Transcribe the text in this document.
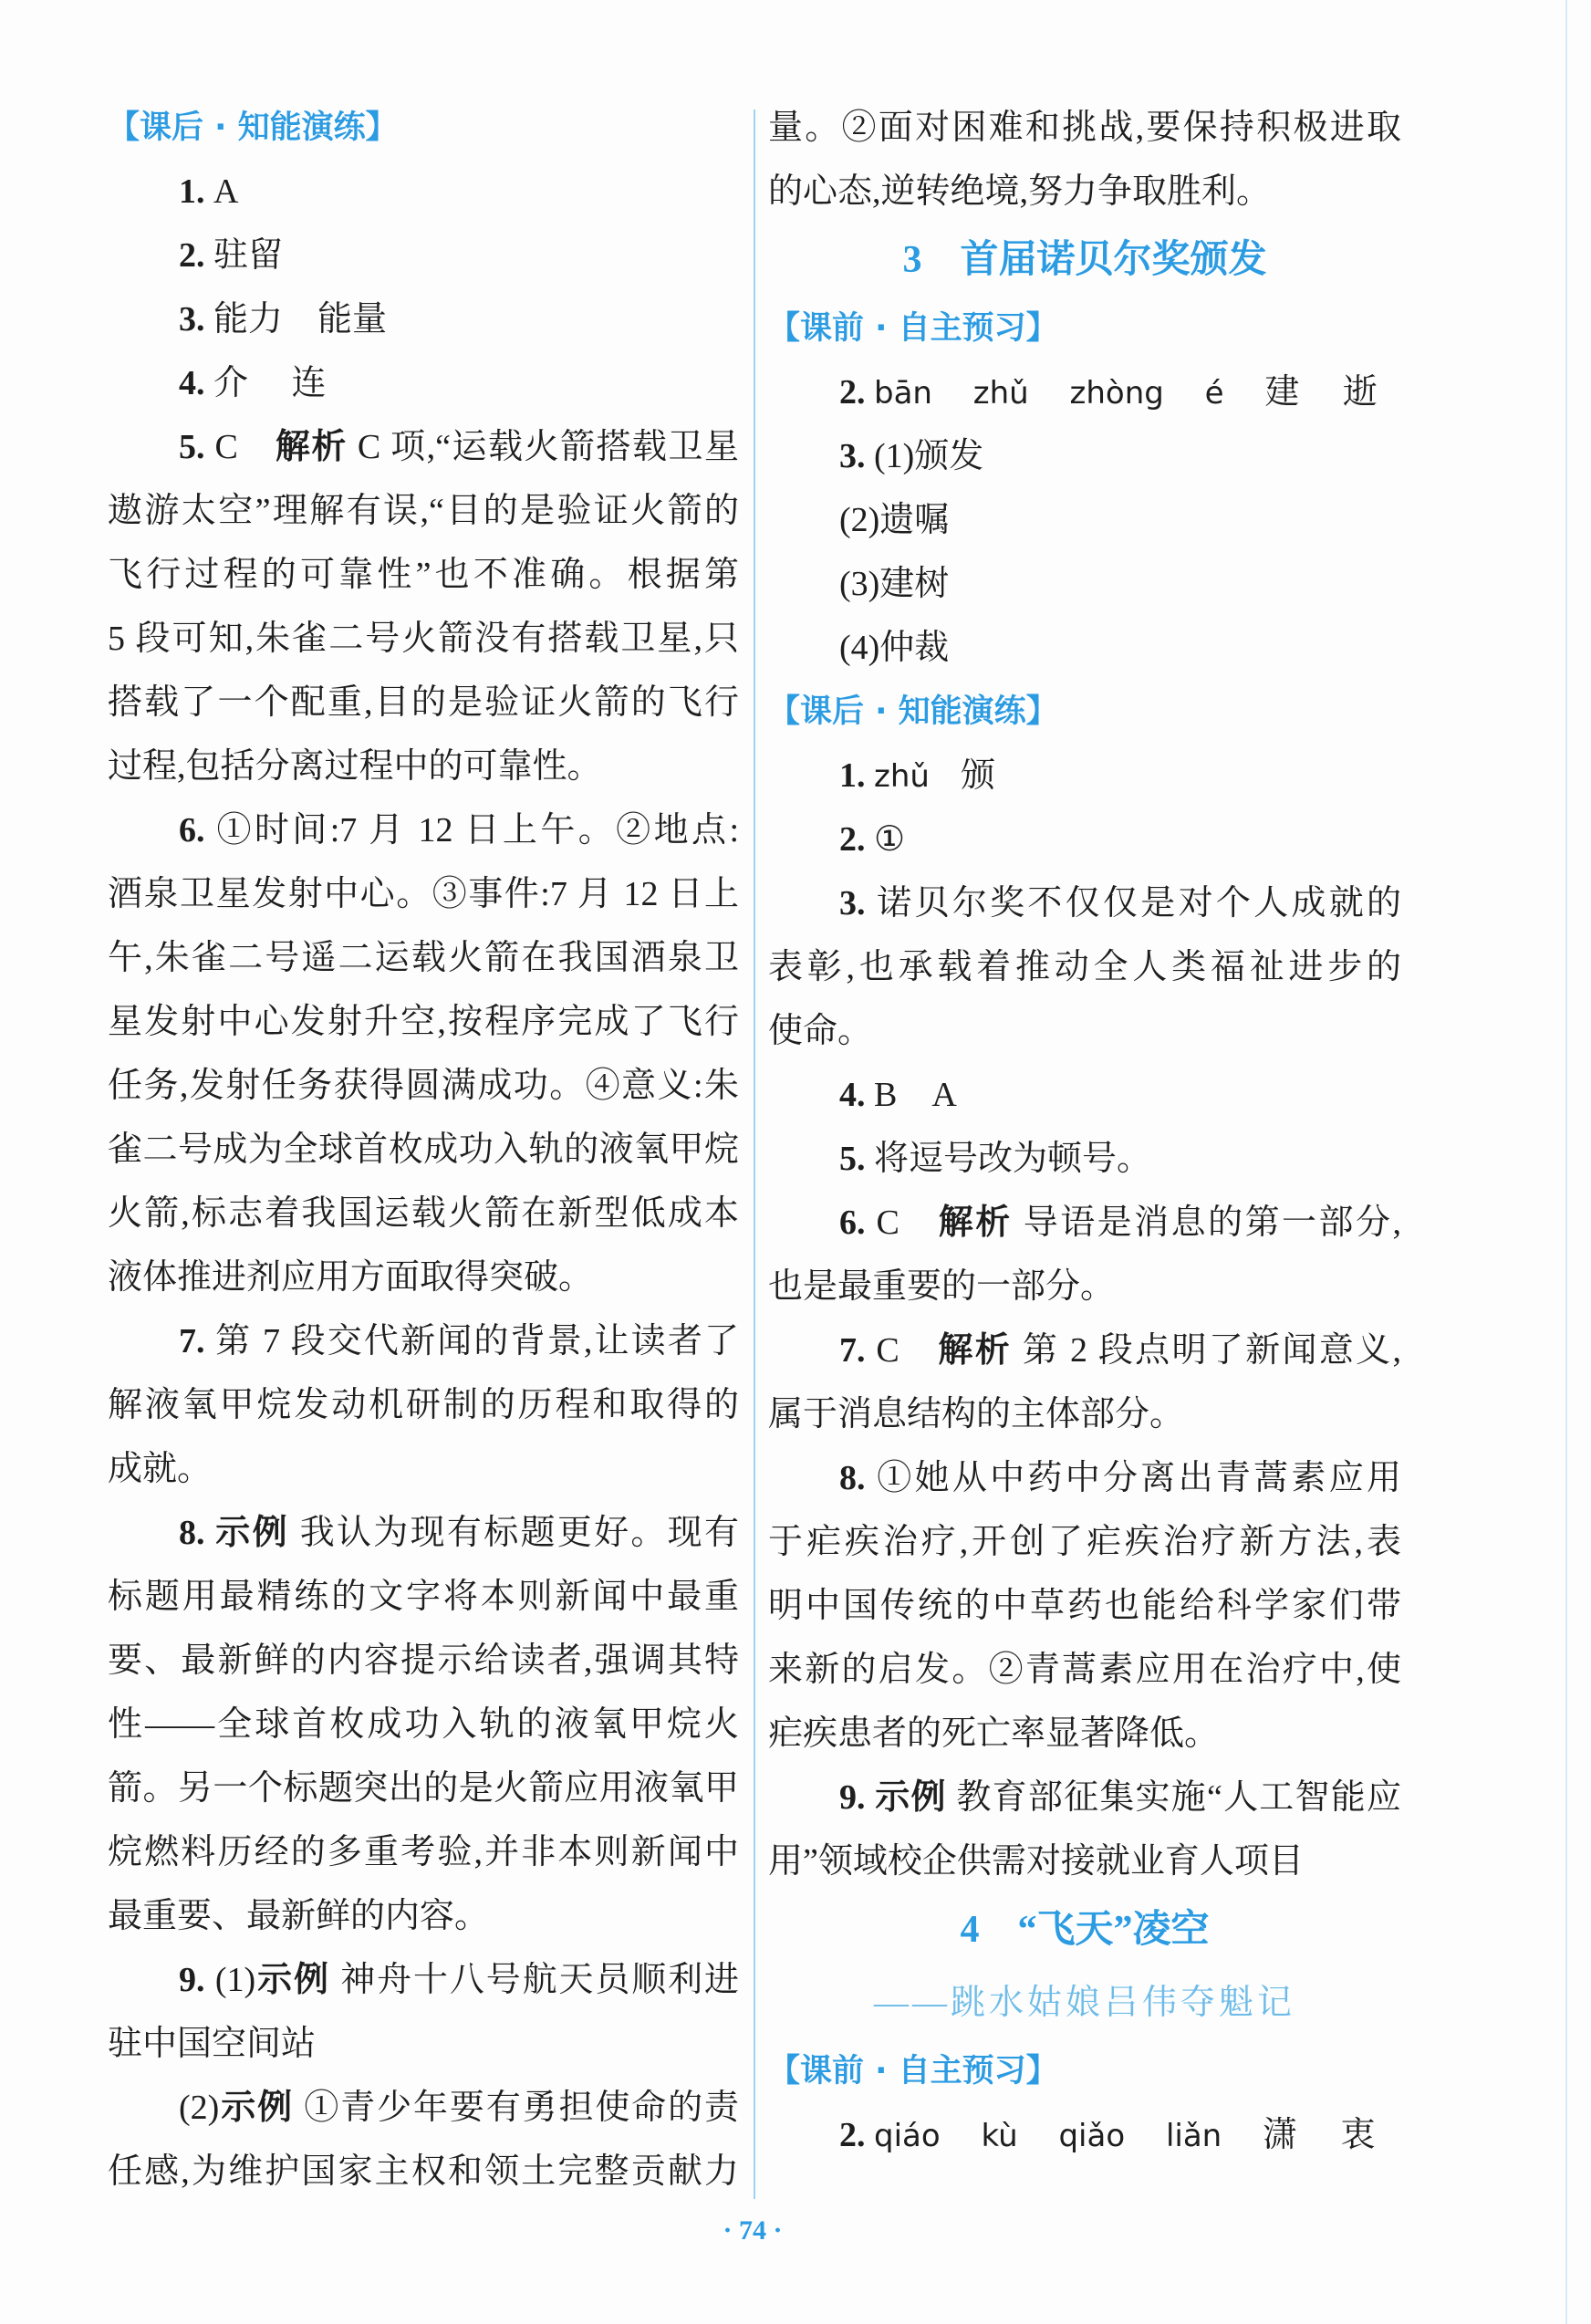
【课后 · 知能演练】
1. A
2. 驻留
3. 能力　能量
4. 介　 连
5. C　解析 C 项,“运载火箭搭载卫星
遨游太空”理解有误,“目的是验证火箭的
飞行过程的可靠性”也不准确。根据第
5 段可知,朱雀二号火箭没有搭载卫星,只
搭载了一个配重,目的是验证火箭的飞行
过程,包括分离过程中的可靠性。
6. ①时间:7 月 12 日上午。②地点:
酒泉卫星发射中心。③事件:7 月 12 日上
午,朱雀二号遥二运载火箭在我国酒泉卫
星发射中心发射升空,按程序完成了飞行
任务,发射任务获得圆满成功。④意义:朱
雀二号成为全球首枚成功入轨的液氧甲烷
火箭,标志着我国运载火箭在新型低成本
液体推进剂应用方面取得突破。
7. 第 7 段交代新闻的背景,让读者了
解液氧甲烷发动机研制的历程和取得的
成就。
8. 示例 我认为现有标题更好。现有
标题用最精练的文字将本则新闻中最重
要、最新鲜的内容提示给读者,强调其特
性——全球首枚成功入轨的液氧甲烷火
箭。另一个标题突出的是火箭应用液氧甲
烷燃料历经的多重考验,并非本则新闻中
最重要、最新鲜的内容。
9. (1)示例 神舟十八号航天员顺利进
驻中国空间站
(2)示例 ①青少年要有勇担使命的责
任感,为维护国家主权和领土完整贡献力
量。②面对困难和挑战,要保持积极进取
的心态,逆转绝境,努力争取胜利。
3　首届诺贝尔奖颁发
【课前 · 自主预习】
2. bān　 zhǔ　 zhòng　 é　 建　 逝
3. (1)颁发
(2)遗嘱
(3)建树
(4)仲裁
【课后 · 知能演练】
1. zhǔ　颁
2. ①
3. 诺贝尔奖不仅仅是对个人成就的
表彰,也承载着推动全人类福祉进步的
使命。
4. B　A
5. 将逗号改为顿号。
6. C　解析 导语是消息的第一部分,
也是最重要的一部分。
7. C　解析 第 2 段点明了新闻意义,
属于消息结构的主体部分。
8. ①她从中药中分离出青蒿素应用
于疟疾治疗,开创了疟疾治疗新方法,表
明中国传统的中草药也能给科学家们带
来新的启发。②青蒿素应用在治疗中,使
疟疾患者的死亡率显著降低。
9. 示例 教育部征集实施“人工智能应
用”领域校企供需对接就业育人项目
4　“飞天”凌空
——跳水姑娘吕伟夺魁记
【课前 · 自主预习】
2. qiáo　 kù　 qiǎo　 liǎn　 潇　 衷
· 74 ·
